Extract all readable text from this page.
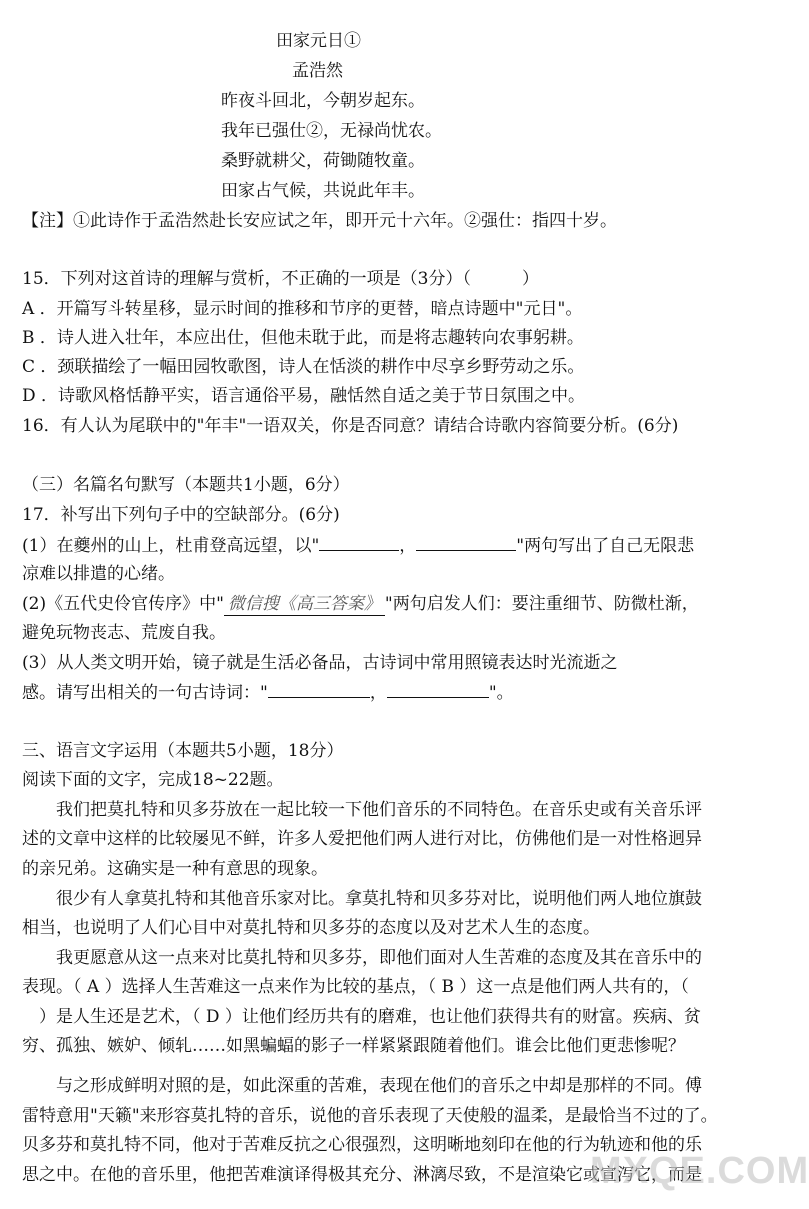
田家元日①
孟浩然
昨夜斗回北，今朝岁起东。
我年已强仕②，无禄尚忧农。
桑野就耕父，荷锄随牧童。
田家占气候，共说此年丰。
【注】①此诗作于孟浩然赴长安应试之年，即开元十六年。②强仕：指四十岁。
15．下列对这首诗的理解与赏析，不正确的一项是（3分）（　　　）
A ．开篇写斗转星移，显示时间的推移和节序的更替，暗点诗题中"元日"。
B ．诗人进入壮年，本应出仕，但他未耽于此，而是将志趣转向农事躬耕。
C ．颈联描绘了一幅田园牧歌图，诗人在恬淡的耕作中尽享乡野劳动之乐。
D ．诗歌风格恬静平实，语言通俗平易，融恬然自适之美于节日氛围之中。
16．有人认为尾联中的"年丰"一语双关，你是否同意？请结合诗歌内容简要分析。(6分)
（三）名篇名句默写（本题共1小题，6分）
17．补写出下列句子中的空缺部分。(6分)
(1）在夔州的山上，杜甫登高远望，以"	，	"两句写出了自己无限悲
凉难以排遣的心绪。
(2)《五代史伶官传序》中" 微信搜《高三答案》 "两句启发人们：要注重细节、防微杜渐，
避免玩物丧志、荒废自我。
(3）从人类文明开始，镜子就是生活必备品，古诗词中常用照镜表达时光流逝之
感。请写出相关的一句古诗词："	，	"。
三、语言文字运用（本题共5小题，18分）
阅读下面的文字，完成18~22题。
　　我们把莫扎特和贝多芬放在一起比较一下他们音乐的不同特色。在音乐史或有关音乐评
述的文章中这样的比较屡见不鲜，许多人爱把他们两人进行对比，仿佛他们是一对性格迥异
的亲兄弟。这确实是一种有意思的现象。
　　很少有人拿莫扎特和其他音乐家对比。拿莫扎特和贝多芬对比，说明他们两人地位旗鼓
相当，也说明了人们心目中对莫扎特和贝多芬的态度以及对艺术人生的态度。
　　我更愿意从这一点来对比莫扎特和贝多芬，即他们面对人生苦难的态度及其在音乐中的
表现。（ A ）选择人生苦难这一点来作为比较的基点，（ B ）这一点是他们两人共有的，（
　）是人生还是艺术，（ D ）让他们经历共有的磨难，也让他们获得共有的财富。疾病、贫
穷、孤独、嫉妒、倾轧……如黑蝙蝠的影子一样紧紧跟随着他们。谁会比他们更悲惨呢？
　　与之形成鲜明对照的是，如此深重的苦难，表现在他们的音乐之中却是那样的不同。傅
雷特意用"天籁"来形容莫扎特的音乐，说他的音乐表现了天使般的温柔，是最恰当不过的了。
贝多芬和莫扎特不同，他对于苦难反抗之心很强烈，这明晰地刻印在他的行为轨迹和他的乐
思之中。在他的音乐里，他把苦难演译得极其充分、淋漓尽致，不是渲染它或宣泻它，而是
MXQE.COM
